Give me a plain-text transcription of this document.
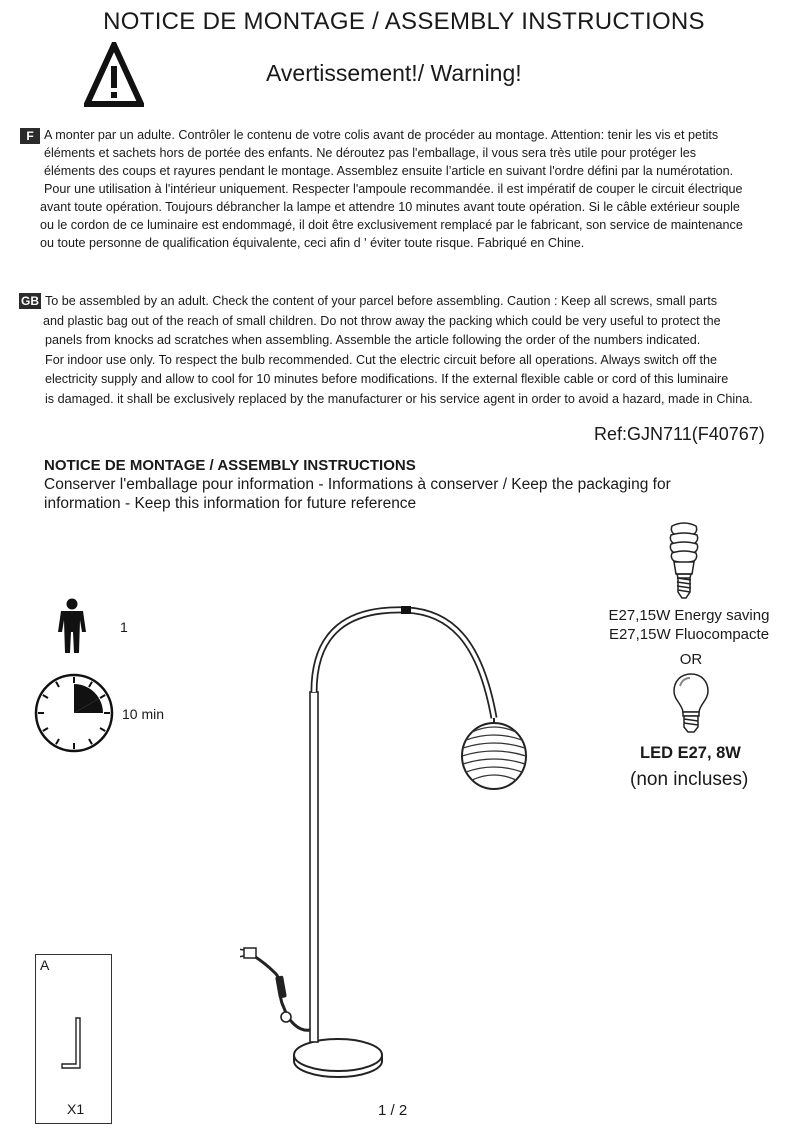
NOTICE DE MONTAGE / ASSEMBLY INSTRUCTIONS
Avertissement!/ Warning!
F A monter par un adulte. Contrôler le contenu de votre colis avant de procéder au montage. Attention: tenir les vis et petits
éléments et sachets hors de portée des enfants. Ne déroutez pas l'emballage, il vous sera très utile pour protéger les
éléments des coups et rayures pendant le montage. Assemblez ensuite l’article en suivant l'ordre défini par la numérotation.
Pour une utilisation à l'intérieur uniquement. Respecter l'ampoule recommandée. il est impératif de couper le circuit électrique
avant toute opération. Toujours débrancher la lampe et attendre 10 minutes avant toute opération. Si le câble extérieur souple
ou le cordon de ce luminaire est endommagé, il doit être exclusivement remplacé par le fabricant, son service de maintenance
ou toute personne de qualification équivalente, ceci afin d ' éviter toute risque. Fabriqué en Chine.
GB To be assembled by an adult. Check the content of your parcel before assembling. Caution : Keep all screws, small parts
and plastic bag out of the reach of small children. Do not throw away the packing which could be very useful to protect the
panels from knocks ad scratches when assembling. Assemble the article following the order of the numbers indicated.
For indoor use only. To respect the bulb recommended. Cut the electric circuit before all operations. Always switch off the
electricity supply and allow to cool for 10 minutes before modifications. If the external flexible cable or cord of this luminaire
is damaged. it shall be exclusively replaced by the manufacturer or his service agent in order to avoid a hazard, made in China.
Ref:GJN711(F40767)
NOTICE DE MONTAGE / ASSEMBLY INSTRUCTIONS
Conserver l'emballage pour information - Informations à conserver / Keep the packaging for
information - Keep this information for future reference
1
10 min
E27,15W Energy saving
E27,15W Fluocompacte
OR
LED E27, 8W
(non incluses)
A
X1	1 / 2
